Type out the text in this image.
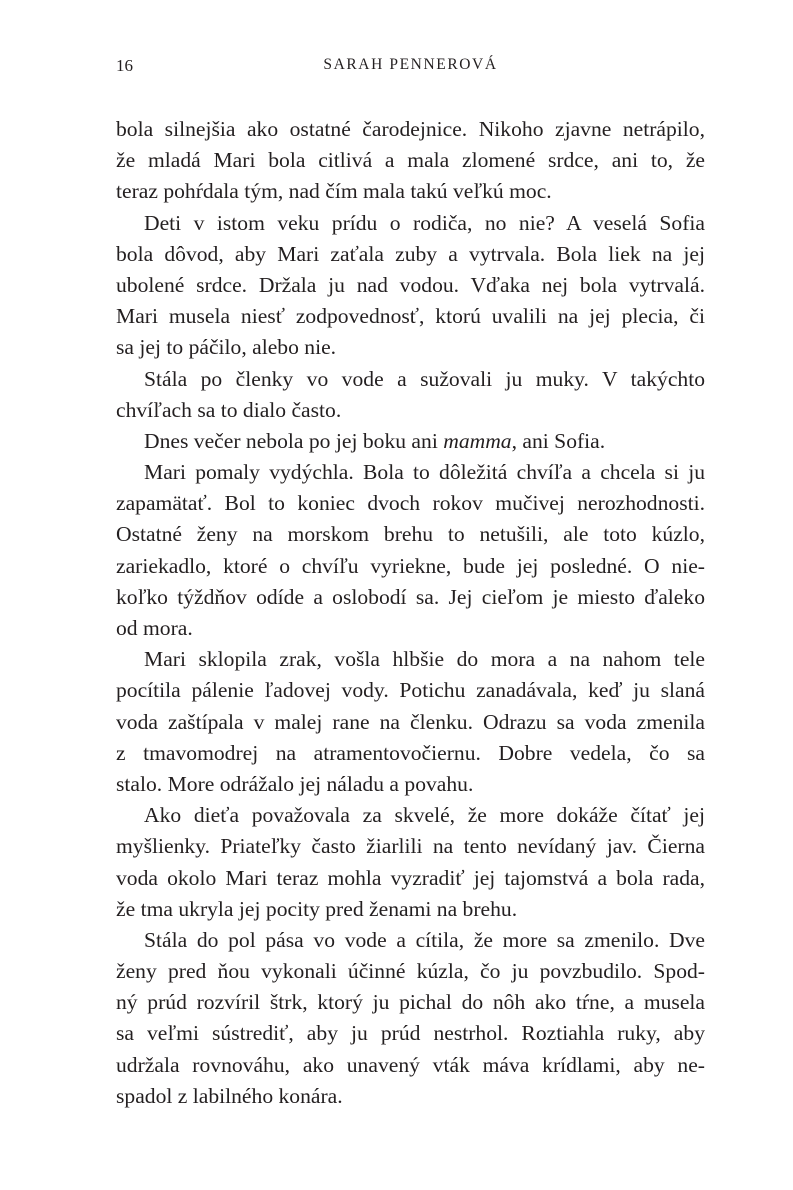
16	SARAH PENNEROVÁ
bola silnejšia ako ostatné čarodejnice. Nikoho zjavne netrápilo,
že mladá Mari bola citlivá a mala zlomené srdce, ani to, že
teraz pohŕdala tým, nad čím mala takú veľkú moc.
Deti v istom veku prídu o rodiča, no nie? A veselá Sofia
bola dôvod, aby Mari zaťala zuby a vytrvala. Bola liek na jej
ubolené srdce. Držala ju nad vodou. Vďaka nej bola vytrvalá.
Mari musela niesť zodpovednosť, ktorú uvalili na jej plecia, či
sa jej to páčilo, alebo nie.
Stála po členky vo vode a sužovali ju muky. V takýchto
chvíľach sa to dialo často.
Dnes večer nebola po jej boku ani mamma, ani Sofia.
Mari pomaly vydýchla. Bola to dôležitá chvíľa a chcela si ju
zapamätať. Bol to koniec dvoch rokov mučivej nerozhodnosti.
Ostatné ženy na morskom brehu to netušili, ale toto kúzlo,
zariekadlo, ktoré o chvíľu vyriekne, bude jej posledné. O nie-
koľko týždňov odíde a oslobodí sa. Jej cieľom je miesto ďaleko
od mora.
Mari sklopila zrak, vošla hlbšie do mora a na nahom tele
pocítila pálenie ľadovej vody. Potichu zanadávala, keď ju slaná
voda zaštípala v malej rane na členku. Odrazu sa voda zmenila
z tmavomodrej na atramentovočiernu. Dobre vedela, čo sa
stalo. More odrážalo jej náladu a povahu.
Ako dieťa považovala za skvelé, že more dokáže čítať jej
myšlienky. Priateľky často žiarlili na tento nevídaný jav. Čierna
voda okolo Mari teraz mohla vyzradiť jej tajomstvá a bola rada,
že tma ukryla jej pocity pred ženami na brehu.
Stála do pol pása vo vode a cítila, že more sa zmenilo. Dve
ženy pred ňou vykonali účinné kúzla, čo ju povzbudilo. Spod-
ný prúd rozvíril štrk, ktorý ju pichal do nôh ako tŕne, a musela
sa veľmi sústrediť, aby ju prúd nestrhol. Roztiahla ruky, aby
udržala rovnováhu, ako unavený vták máva krídlami, aby ne-
spadol z labilného konára.
